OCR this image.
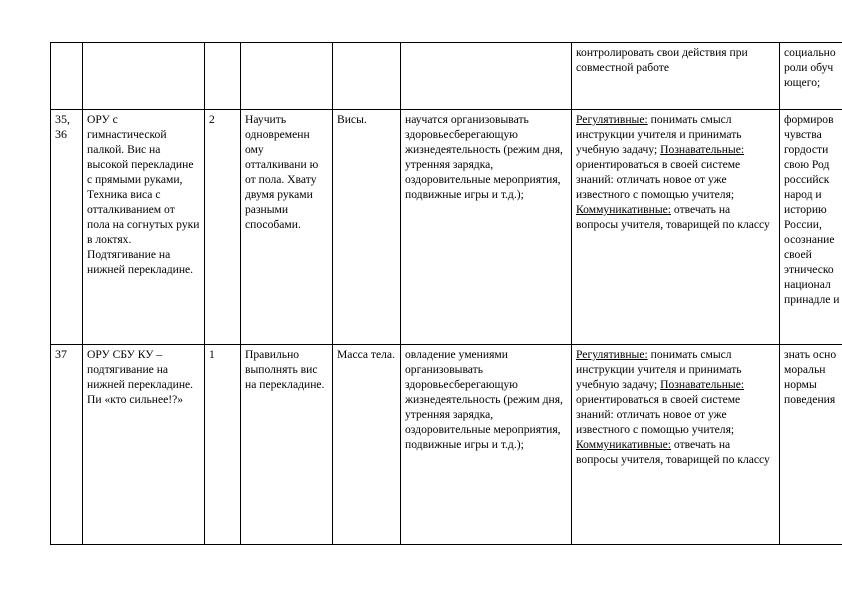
						контролировать свои действия при совместной работе	социально роли обуч ющего;
35, 36	ОРУ с гимнастической палкой. Вис на высокой перекладине с прямыми руками, Техника виса с отталкиванием от пола на согнутых руки в локтях. Подтягивание на нижней перекладине.	2	Научить одновременн ому отталкивани ю от пола. Хватy двумя руками разными способами.	Висы.	научатся организовывать здоровьесберегающую жизнедеятельность (режим дня, утренняя зарядка, оздоровительные мероприятия, подвижные игры и т.д.);	Регулятивные: понимать смысл инструкции учителя и принимать учебную задачу; Познавательные: ориентироваться в своей системе знаний: отличать новое от уже известного с помощью учителя; Коммуникативные: отвечать на вопросы учителя, товарищей по классу	формиров чувства гордости свою Род российск народ и историю России, осознание своей этническо национал принадле и
37	ОРУ СБУ КУ – подтягивание на нижней перекладине. Пи «кто сильнее!?»	1	Правильно выполнять вис на перекладине.	Масса тела.	овладение умениями организовывать здоровьесберегающую жизнедеятельность (режим дня, утренняя зарядка, оздоровительные мероприятия, подвижные игры и т.д.);	Регулятивные: понимать смысл инструкции учителя и принимать учебную задачу; Познавательные: ориентироваться в своей системе знаний: отличать новое от уже известного с помощью учителя; Коммуникативные: отвечать на вопросы учителя, товарищей по классу	знать осно моральн нормы поведения
